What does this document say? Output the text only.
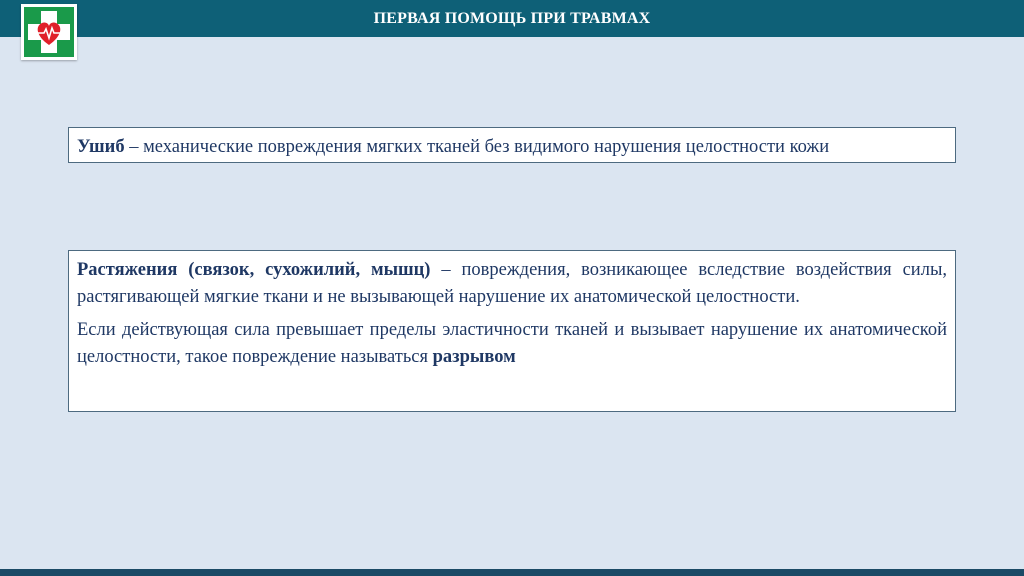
ПЕРВАЯ ПОМОЩЬ ПРИ ТРАВМАХ

Ушиб – механические повреждения мягких тканей без видимого нарушения целостности кожи

Растяжения (связок, сухожилий, мышц) – повреждения, возникающее вследствие воздействия силы, растягивающей мягкие ткани и не вызывающей нарушение их анатомической целостности.

Если действующая сила превышает пределы эластичности тканей и вызывает нарушение их анатомической целостности, такое повреждение называться разрывом
